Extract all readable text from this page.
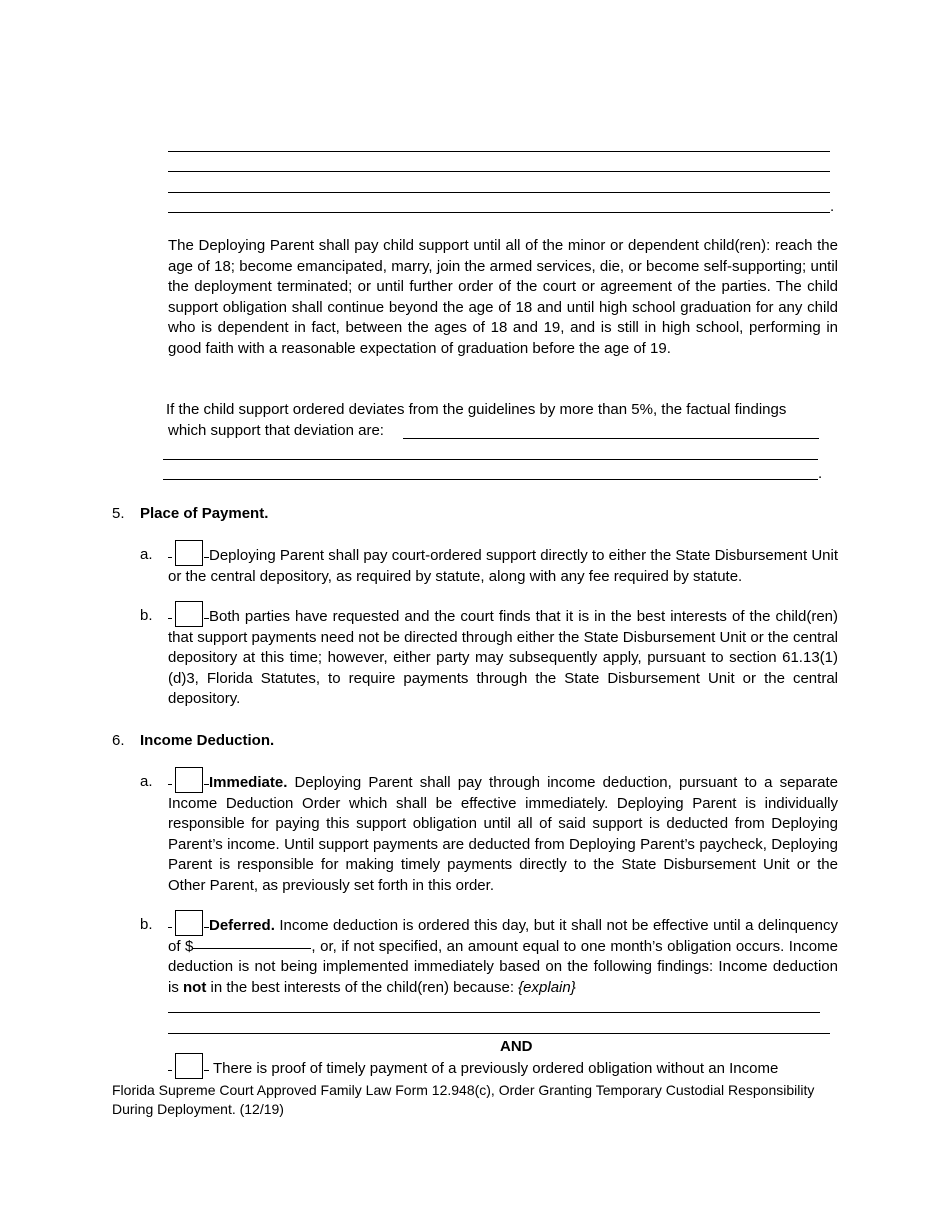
.
The Deploying Parent shall pay child support until all of the minor or dependent child(ren): reach the age of 18; become emancipated, marry, join the armed services, die, or become self-supporting; until the deployment terminated; or until further order of the court or agreement of the parties. The child support obligation shall continue beyond the age of 18 and until high school graduation for any child who is dependent in fact, between the ages of 18 and 19, and is still in high school, performing in good faith with a reasonable expectation of graduation before the age of 19.
If the child support ordered deviates from the guidelines by more than 5%, the factual findings
which support that deviation are:
.
5. Place of Payment.
a.	Deploying Parent shall pay court-ordered support directly to either the State Disbursement Unit or the central depository, as required by statute, along with any fee required by statute.
b.	Both parties have requested and the court finds that it is in the best interests of the child(ren) that support payments need not be directed through either the State Disbursement Unit or the central depository at this time; however, either party may subsequently apply, pursuant to section 61.13(1)(d)3, Florida Statutes, to require payments through the State Disbursement Unit or the central depository.
6. Income Deduction.
a.	Immediate. Deploying Parent shall pay through income deduction, pursuant to a separate Income Deduction Order which shall be effective immediately. Deploying Parent is individually responsible for paying this support obligation until all of said support is deducted from Deploying Parent’s income. Until support payments are deducted from Deploying Parent’s paycheck, Deploying Parent is responsible for making timely payments directly to the State Disbursement Unit or the Other Parent, as previously set forth in this order.
b.	Deferred. Income deduction is ordered this day, but it shall not be effective until a delinquency of $	, or, if not specified, an amount equal to one month’s obligation occurs. Income deduction is not being implemented immediately based on the following findings: Income deduction is not in the best interests of the child(ren) because: {explain}
AND
There is proof of timely payment of a previously ordered obligation without an Income
Florida Supreme Court Approved Family Law Form 12.948(c), Order Granting Temporary Custodial Responsibility
During Deployment. (12/19)
